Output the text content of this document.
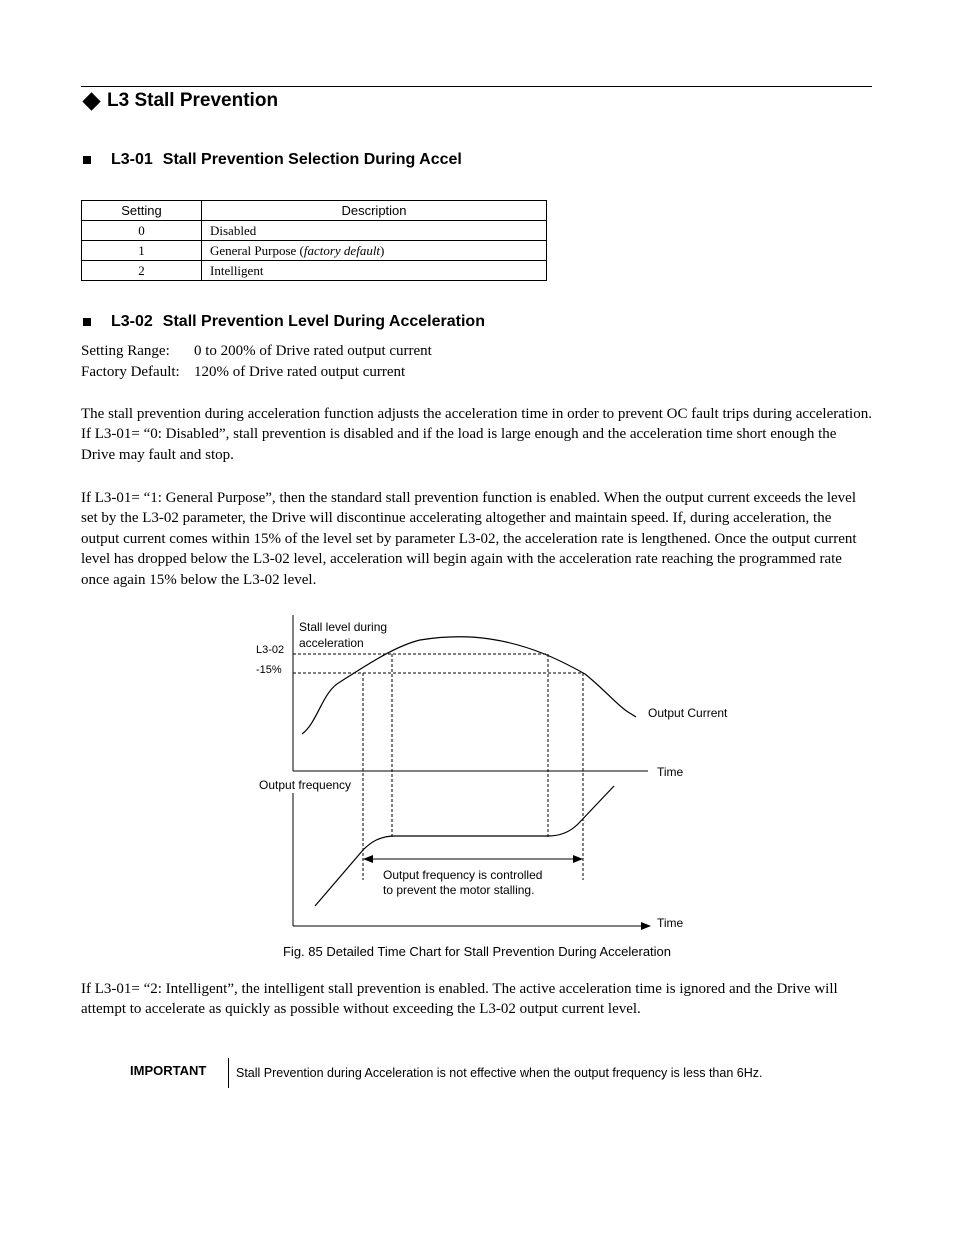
L3 Stall Prevention
L3-01 Stall Prevention Selection During Accel
Setting	Description
0	Disabled
1	General Purpose (factory default)
2	Intelligent
L3-02 Stall Prevention Level During Acceleration
Setting Range: 0 to 200% of Drive rated output current
Factory Default: 120% of Drive rated output current
The stall prevention during acceleration function adjusts the acceleration time in order to prevent OC fault trips during acceleration. If L3-01= “0: Disabled”, stall prevention is disabled and if the load is large enough and the acceleration time short enough the Drive may fault and stop.
If L3-01= “1: General Purpose”, then the standard stall prevention function is enabled. When the output current exceeds the level set by the L3-02 parameter, the Drive will discontinue accelerating altogether and maintain speed. If, during acceleration, the output current comes within 15% of the level set by parameter L3-02, the acceleration rate is lengthened. Once the output current level has dropped below the L3-02 level, acceleration will begin again with the acceleration rate reaching the programmed rate once again 15% below the L3-02 level.
Stall level during
acceleration
L3-02
-15%
Output Current
Time
Output frequency
Output frequency is controlled
to prevent the motor stalling.
Time
Fig. 85 Detailed Time Chart for Stall Prevention During Acceleration
If L3-01= “2: Intelligent”, the intelligent stall prevention is enabled. The active acceleration time is ignored and the Drive will attempt to accelerate as quickly as possible without exceeding the L3-02 output current level.
IMPORTANT Stall Prevention during Acceleration is not effective when the output frequency is less than 6Hz.
